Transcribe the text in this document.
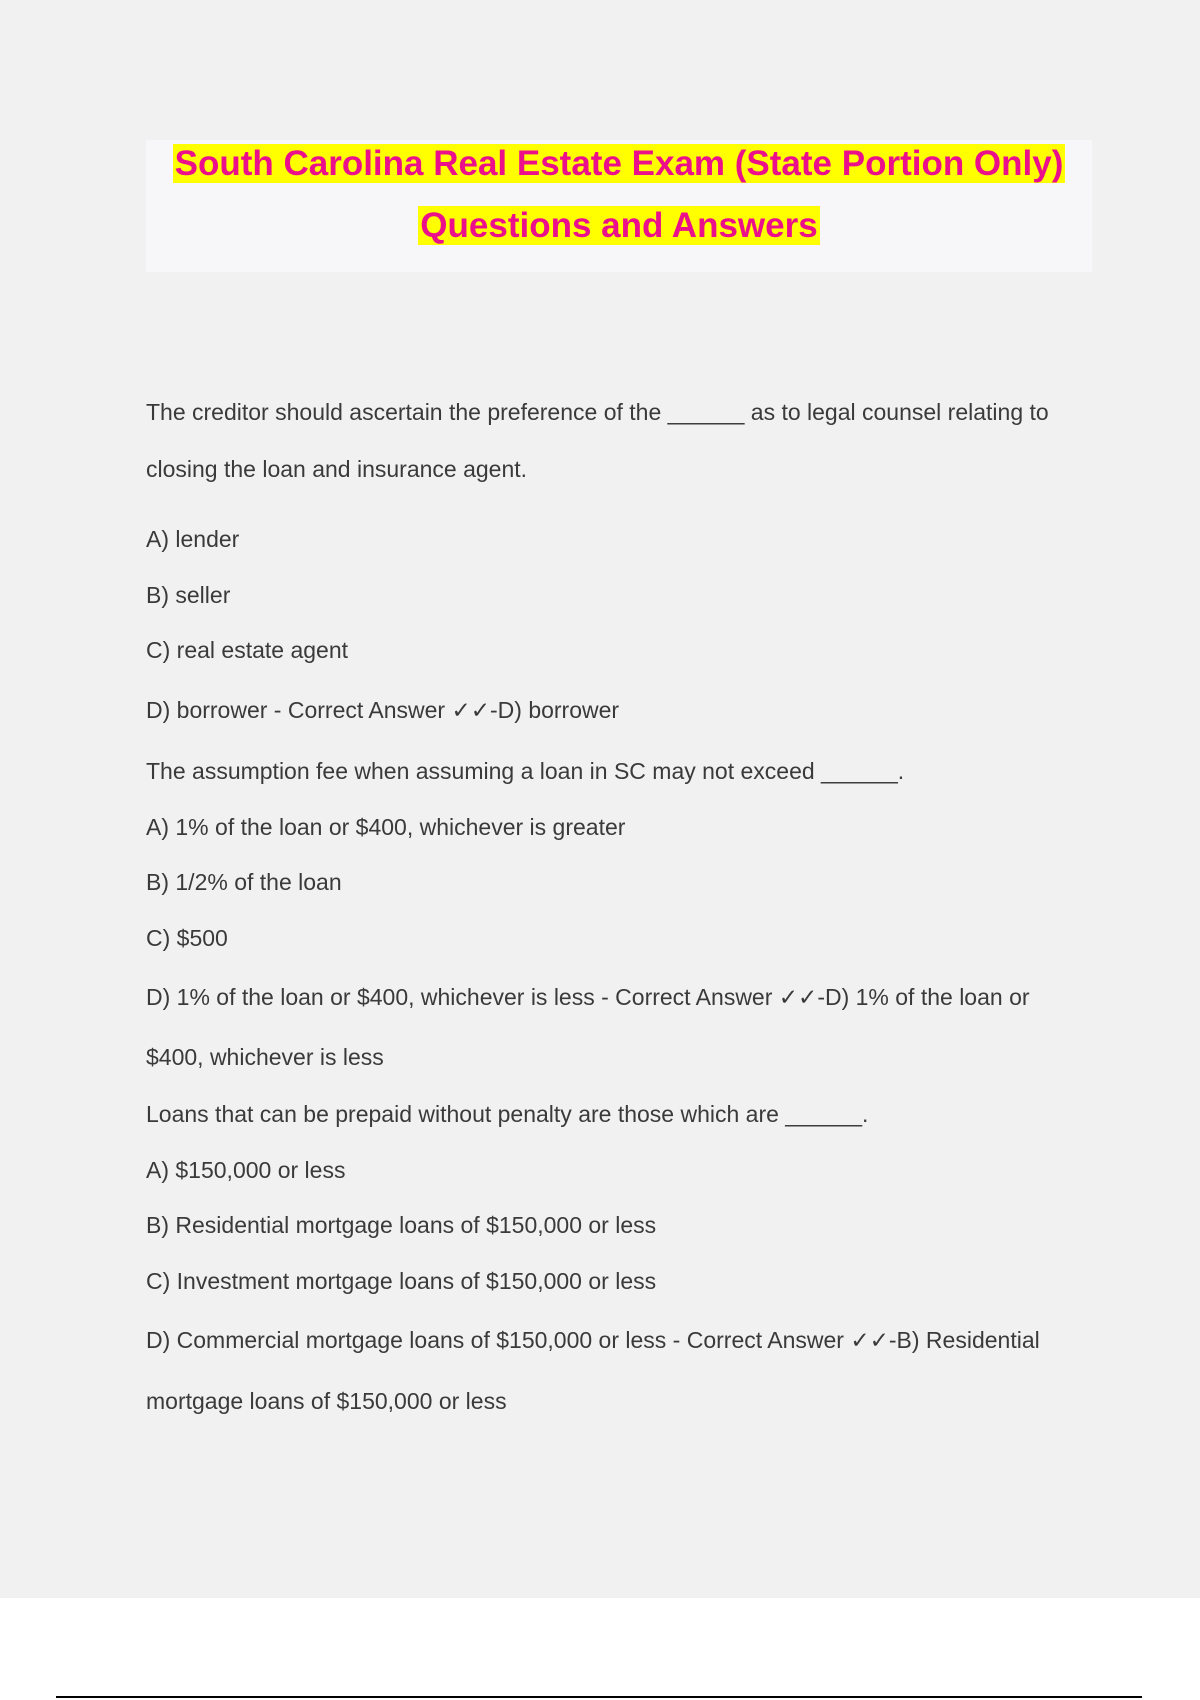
South Carolina Real Estate Exam (State Portion Only)
Questions and Answers
The creditor should ascertain the preference of the ______ as to legal counsel relating to
closing the loan and insurance agent.
A) lender
B) seller
C) real estate agent
D) borrower - Correct Answer ✓✓-D) borrower
The assumption fee when assuming a loan in SC may not exceed ______.
A) 1% of the loan or $400, whichever is greater
B) 1/2% of the loan
C) $500
D) 1% of the loan or $400, whichever is less - Correct Answer ✓✓-D) 1% of the loan or
$400, whichever is less
Loans that can be prepaid without penalty are those which are ______.
A) $150,000 or less
B) Residential mortgage loans of $150,000 or less
C) Investment mortgage loans of $150,000 or less
D) Commercial mortgage loans of $150,000 or less - Correct Answer ✓✓-B) Residential
mortgage loans of $150,000 or less
